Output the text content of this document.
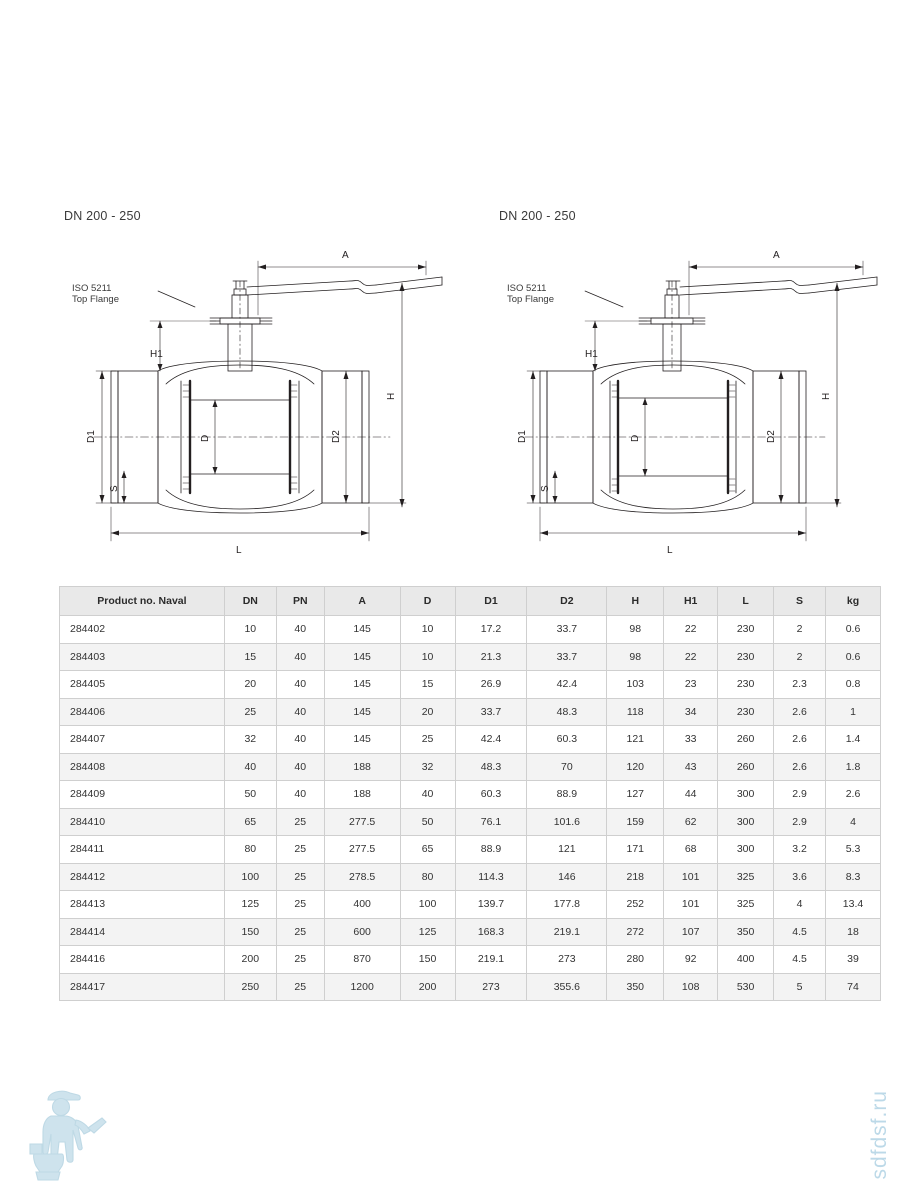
DN 200 - 250
ISO 5211
Top Flange
A
H
H1
D1
S
D	D2
L
DN 200 - 250
ISO 5211
Top Flange
A
H
H1
D1
S
D	D2
L
Product no. Naval	DN	PN	A	D	D1	D2	H	H1	L	S	kg
284402	10	40	145	10	17.2	33.7	98	22	230	2	0.6
284403	15	40	145	10	21.3	33.7	98	22	230	2	0.6
284405	20	40	145	15	26.9	42.4	103	23	230	2.3	0.8
284406	25	40	145	20	33.7	48.3	118	34	230	2.6	1
284407	32	40	145	25	42.4	60.3	121	33	260	2.6	1.4
284408	40	40	188	32	48.3	70	120	43	260	2.6	1.8
284409	50	40	188	40	60.3	88.9	127	44	300	2.9	2.6
284410	65	25	277.5	50	76.1	101.6	159	62	300	2.9	4
284411	80	25	277.5	65	88.9	121	171	68	300	3.2	5.3
284412	100	25	278.5	80	114.3	146	218	101	325	3.6	8.3
284413	125	25	400	100	139.7	177.8	252	101	325	4	13.4
284414	150	25	600	125	168.3	219.1	272	107	350	4.5	18
284416	200	25	870	150	219.1	273	280	92	400	4.5	39
284417	250	25	1200	200	273	355.6	350	108	530	5	74
sdfdsf.ru
